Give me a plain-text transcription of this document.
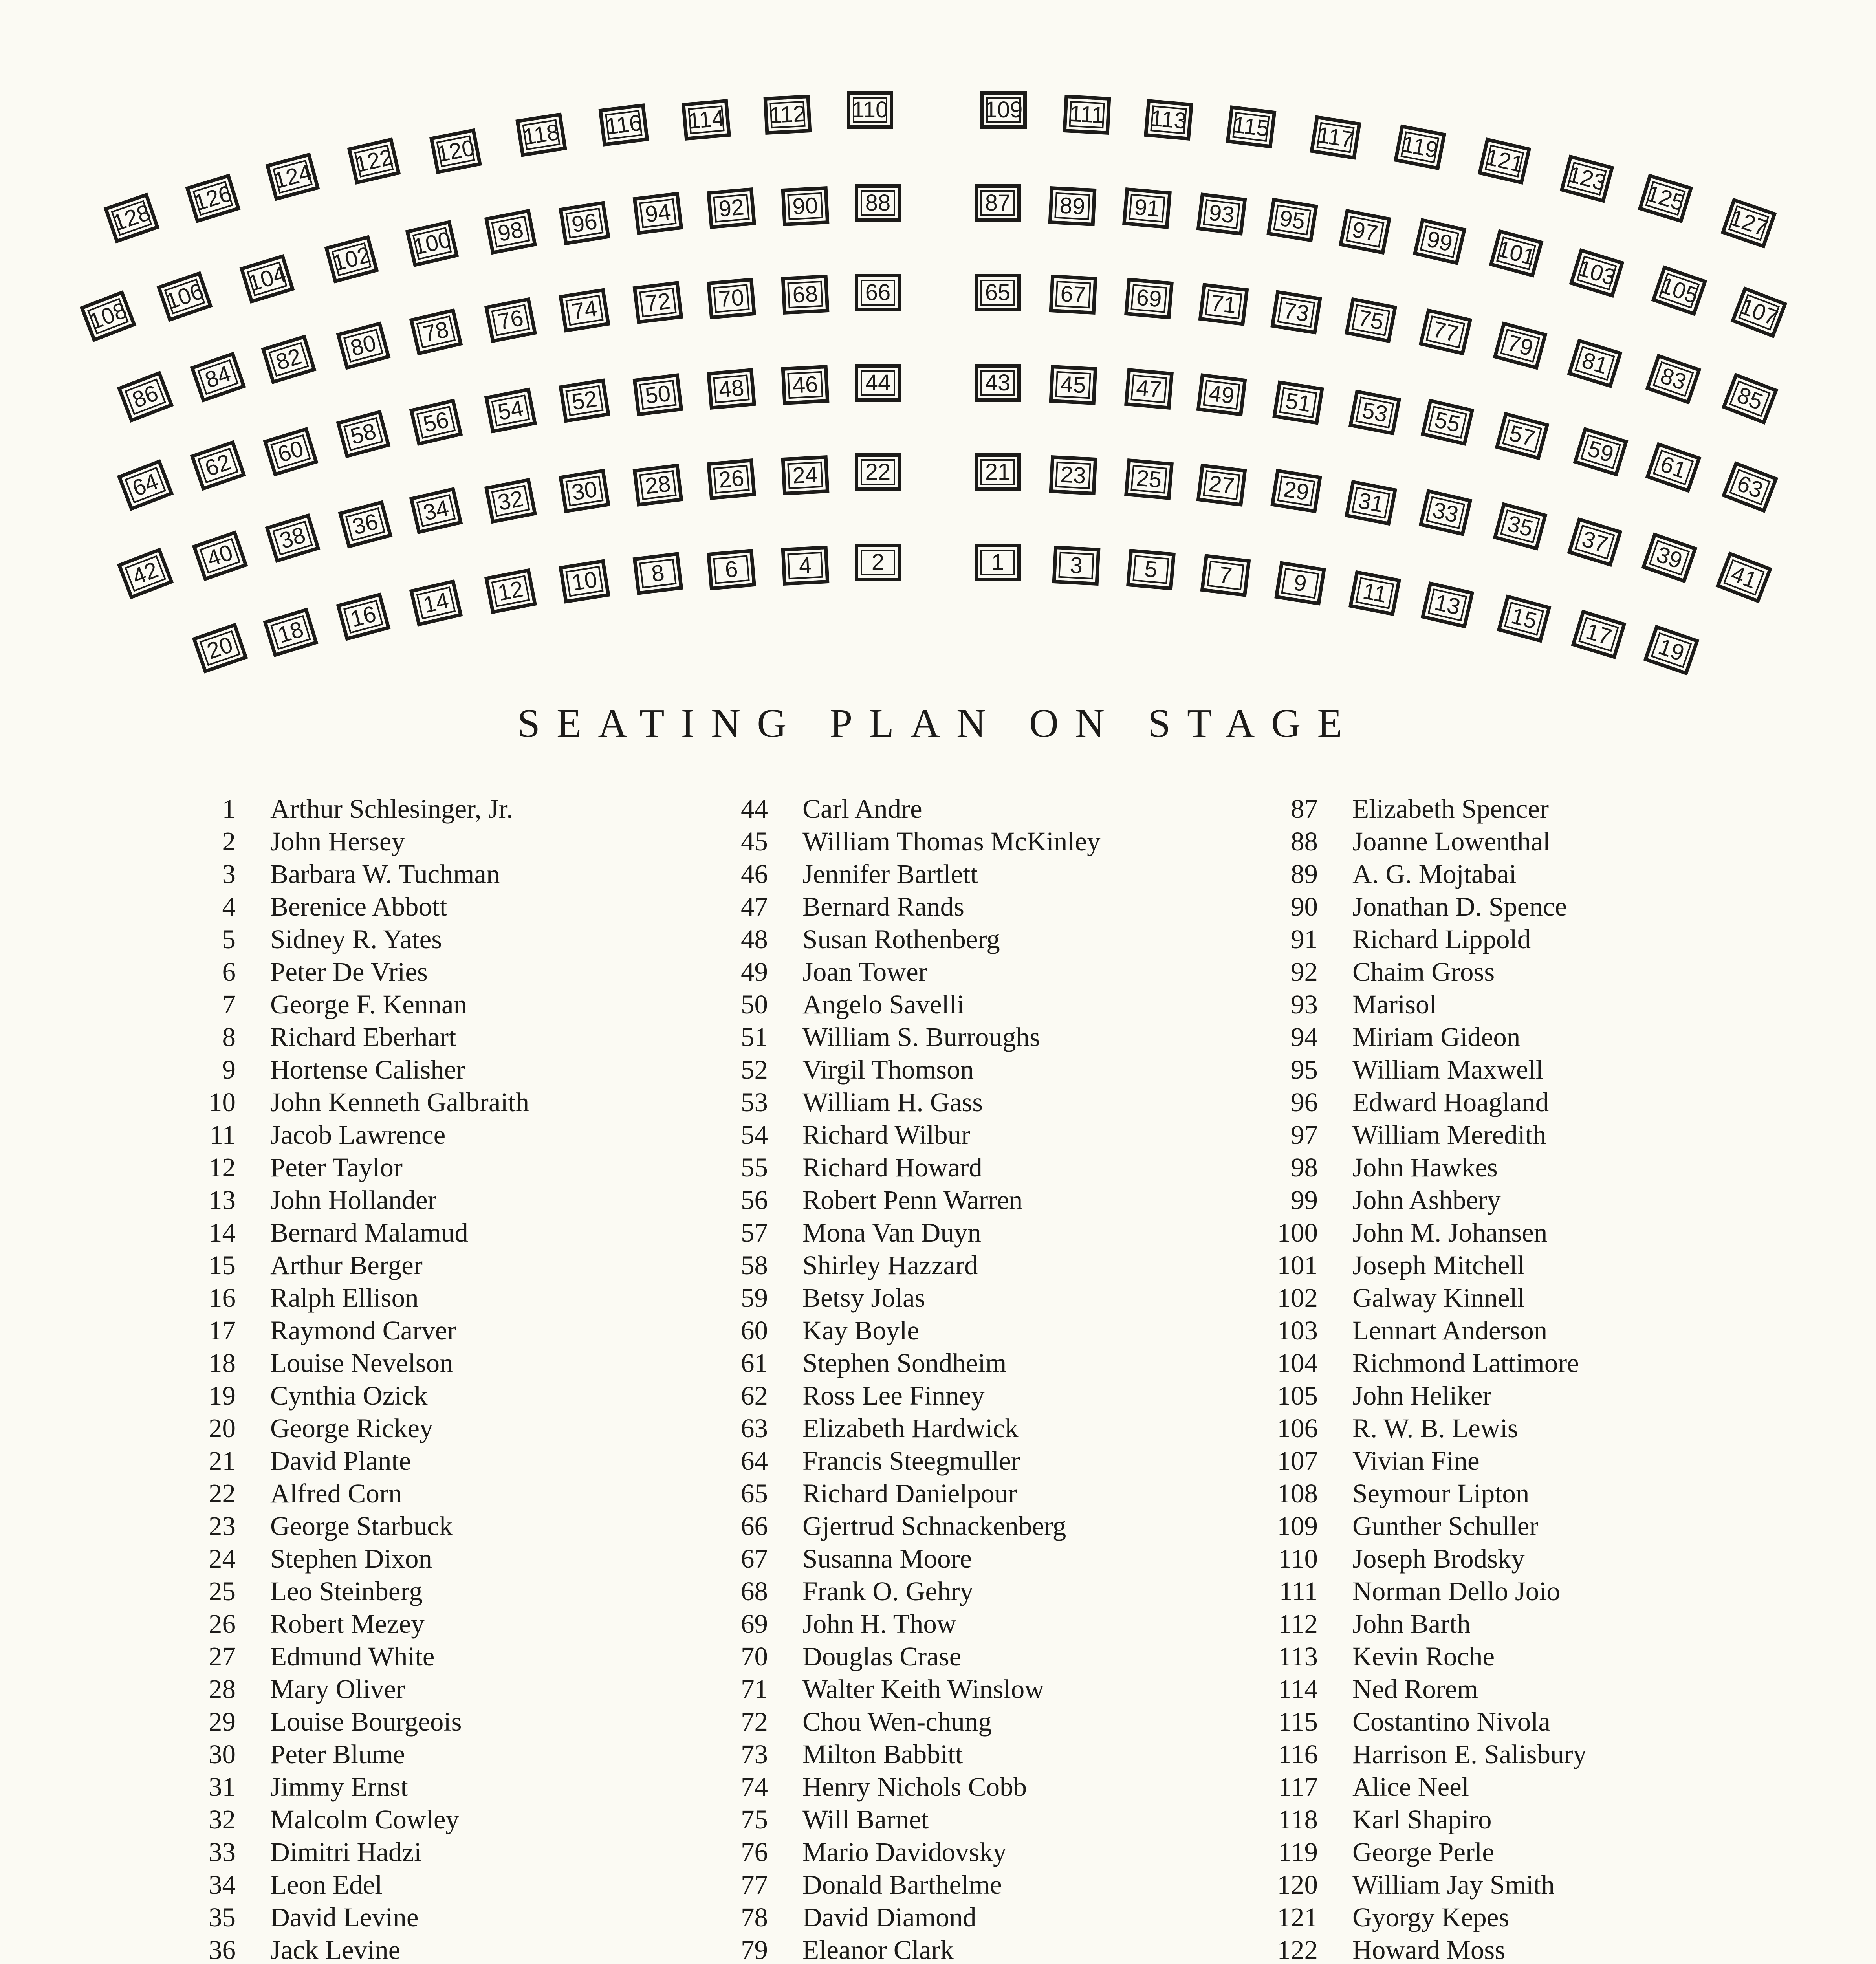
110
112
114
116
118
120
122
124
126
128
109 111 113 115 117 119 121
123
125
127
88
90
92
94
96
98
100
102
104
106
108
87	89	91	93	95	97	99	101
103 105
107
66
68
70
72
74
76
78
80
82
84
86
65	67	69	71	73	75	77	79
81	83
85
44
46
48
50
52
54
56
58
60
62
64
43	45	47	49	51	53	55	57	59	61
63
22
24
26
28
30
32
34
36
38
40
42
21	23	25	27	29	31	33	35	37	39
41
2
4
6
8
10
12
14
16
18
20
1	3	5	7	9	11	13	15	17	19
SEATING PLAN ON STAGE
1	Arthur Schlesinger, Jr.
2	John Hersey
3	Barbara W. Tuchman
4	Berenice Abbott
5	Sidney R. Yates
6	Peter De Vries
7	George F. Kennan
8	Richard Eberhart
9	Hortense Calisher
10	John Kenneth Galbraith
11	Jacob Lawrence
12	Peter Taylor
13	John Hollander
14	Bernard Malamud
15	Arthur Berger
16	Ralph Ellison
17	Raymond Carver
18	Louise Nevelson
19	Cynthia Ozick
20	George Rickey
21	David Plante
22	Alfred Corn
23	George Starbuck
24	Stephen Dixon
25	Leo Steinberg
26	Robert Mezey
27	Edmund White
28	Mary Oliver
29	Louise Bourgeois
30	Peter Blume
31	Jimmy Ernst
32	Malcolm Cowley
33	Dimitri Hadzi
34	Leon Edel
35	David Levine
36	Jack Levine
44	Carl Andre
45	William Thomas McKinley
46	Jennifer Bartlett
47	Bernard Rands
48	Susan Rothenberg
49	Joan Tower
50	Angelo Savelli
51	William S. Burroughs
52	Virgil Thomson
53	William H. Gass
54	Richard Wilbur
55	Richard Howard
56	Robert Penn Warren
57	Mona Van Duyn
58	Shirley Hazzard
59	Betsy Jolas
60	Kay Boyle
61	Stephen Sondheim
62	Ross Lee Finney
63	Elizabeth Hardwick
64	Francis Steegmuller
65	Richard Danielpour
66	Gjertrud Schnackenberg
67	Susanna Moore
68	Frank O. Gehry
69	John H. Thow
70	Douglas Crase
71	Walter Keith Winslow
72	Chou Wen-chung
73	Milton Babbitt
74	Henry Nichols Cobb
75	Will Barnet
76	Mario Davidovsky
77	Donald Barthelme
78	David Diamond
79	Eleanor Clark
87	Elizabeth Spencer
88	Joanne Lowenthal
89	A. G. Mojtabai
90	Jonathan D. Spence
91	Richard Lippold
92	Chaim Gross
93	Marisol
94	Miriam Gideon
95	William Maxwell
96	Edward Hoagland
97	William Meredith
98	John Hawkes
99	John Ashbery
100	John M. Johansen
101	Joseph Mitchell
102	Galway Kinnell
103	Lennart Anderson
104	Richmond Lattimore
105	John Heliker
106	R. W. B. Lewis
107	Vivian Fine
108	Seymour Lipton
109	Gunther Schuller
110	Joseph Brodsky
111	Norman Dello Joio
112	John Barth
113	Kevin Roche
114	Ned Rorem
115	Costantino Nivola
116	Harrison E. Salisbury
117	Alice Neel
118	Karl Shapiro
119	George Perle
120	William Jay Smith
121	Gyorgy Kepes
122	Howard Moss
